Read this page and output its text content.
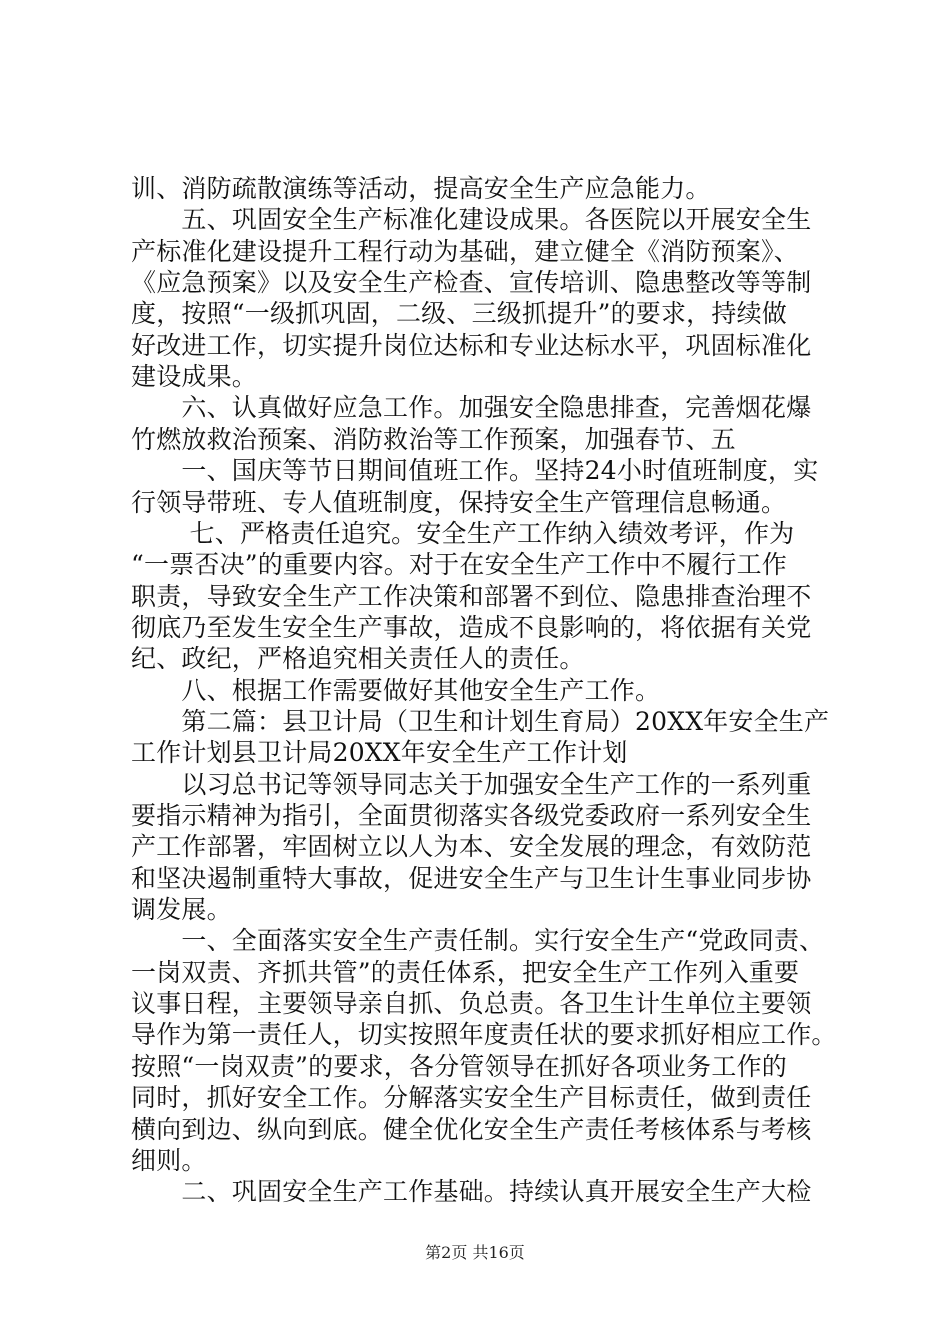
训、消防疏散演练等活动，提高安全生产应急能力。
　　五、巩固安全生产标准化建设成果。各医院以开展安全生
产标准化建设提升工程行动为基础，建立健全《消防预案》、
《应急预案》以及安全生产检查、宣传培训、隐患整改等等制
度，按照“一级抓巩固，二级、三级抓提升”的要求，持续做
好改进工作，切实提升岗位达标和专业达标水平，巩固标准化
建设成果。
　　六、认真做好应急工作。加强安全隐患排查，完善烟花爆
竹燃放救治预案、消防救治等工作预案，加强春节、五
　　一、国庆等节日期间值班工作。坚持24小时值班制度，实
行领导带班、专人值班制度，保持安全生产管理信息畅通。
　　 七、严格责任追究。安全生产工作纳入绩效考评，作为
“一票否决”的重要内容。对于在安全生产工作中不履行工作
职责，导致安全生产工作决策和部署不到位、隐患排查治理不
彻底乃至发生安全生产事故，造成不良影响的，将依据有关党
纪、政纪，严格追究相关责任人的责任。
　　八、根据工作需要做好其他安全生产工作。
　　第二篇：县卫计局（卫生和计划生育局）20XX年安全生产
工作计划县卫计局20XX年安全生产工作计划
　　以习总书记等领导同志关于加强安全生产工作的一系列重
要指示精神为指引，全面贯彻落实各级党委政府一系列安全生
产工作部署，牢固树立以人为本、安全发展的理念，有效防范
和坚决遏制重特大事故，促进安全生产与卫生计生事业同步协
调发展。
　　一、全面落实安全生产责任制。实行安全生产“党政同责、
一岗双责、齐抓共管”的责任体系，把安全生产工作列入重要
议事日程，主要领导亲自抓、负总责。各卫生计生单位主要领
导作为第一责任人，切实按照年度责任状的要求抓好相应工作。
按照“一岗双责”的要求，各分管领导在抓好各项业务工作的
同时，抓好安全工作。分解落实安全生产目标责任，做到责任
横向到边、纵向到底。健全优化安全生产责任考核体系与考核
细则。
　　二、巩固安全生产工作基础。持续认真开展安全生产大检
第2页 共16页
